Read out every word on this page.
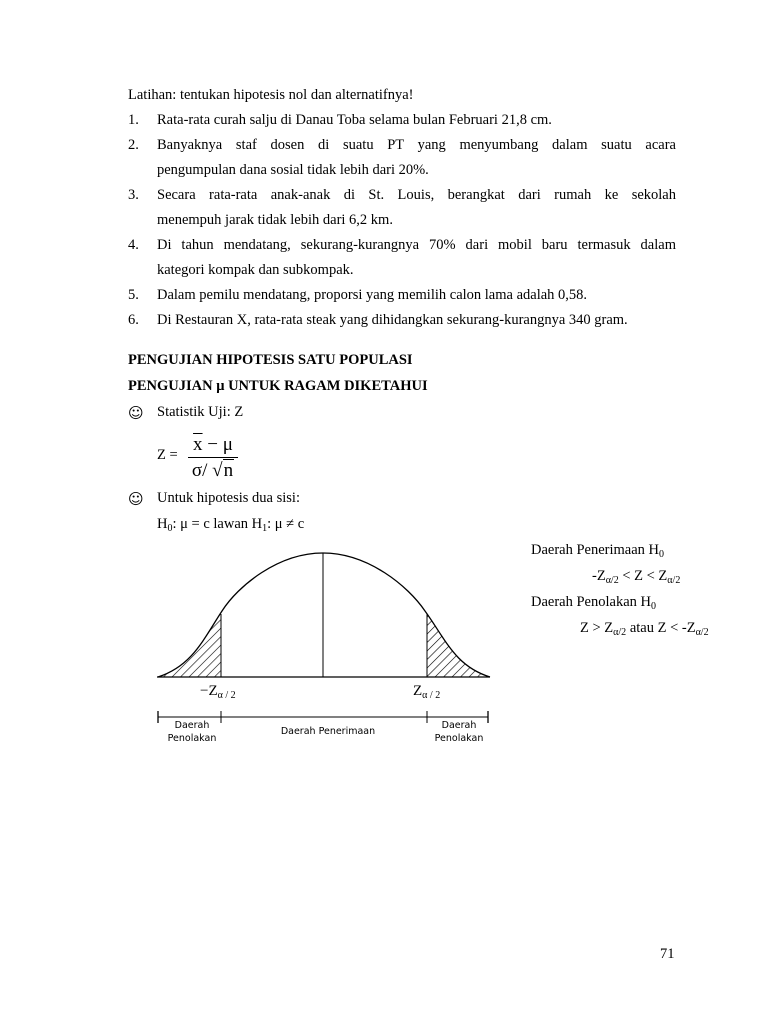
Latihan: tentukan hipotesis nol dan alternatifnya!
1. Rata-rata curah salju di Danau Toba selama bulan Februari 21,8 cm.
2. Banyaknya staf dosen di suatu PT yang menyumbang dalam suatu acara
pengumpulan dana sosial tidak lebih dari 20%.
3. Secara rata-rata anak-anak di St. Louis, berangkat dari rumah ke sekolah
menempuh jarak tidak lebih dari 6,2 km.
4. Di tahun mendatang, sekurang-kurangnya 70% dari mobil baru termasuk dalam
kategori kompak dan subkompak.
5. Dalam pemilu mendatang, proporsi yang memilih calon lama adalah 0,58.
6. Di Restauran X, rata-rata steak yang dihidangkan sekurang-kurangnya 340 gram.
PENGUJIAN HIPOTESIS SATU POPULASI
PENGUJIAN μ UNTUK RAGAM DIKETAHUI
☺ Statistik Uji: Z
$Z = \overline{x} - \mu$
σ/ √n
☺ Untuk hipotesis dua sisi:
$H_0$: μ = c lawan $H_1$: μ ≠ c
Daerah Penerimaan $H_0$
$-Z_{\alpha/2} < Z < Z_{\alpha/2}$
Daerah Penolakan $H_0$
$Z > Z_{\alpha/2}$ atau $Z < -Z_{\alpha/2}$
$-Z_{\alpha / 2}$	$Z_{\alpha / 2}$
Daerah
Penolakan
Daerah Penerimaan
Daerah
Penolakan
71
